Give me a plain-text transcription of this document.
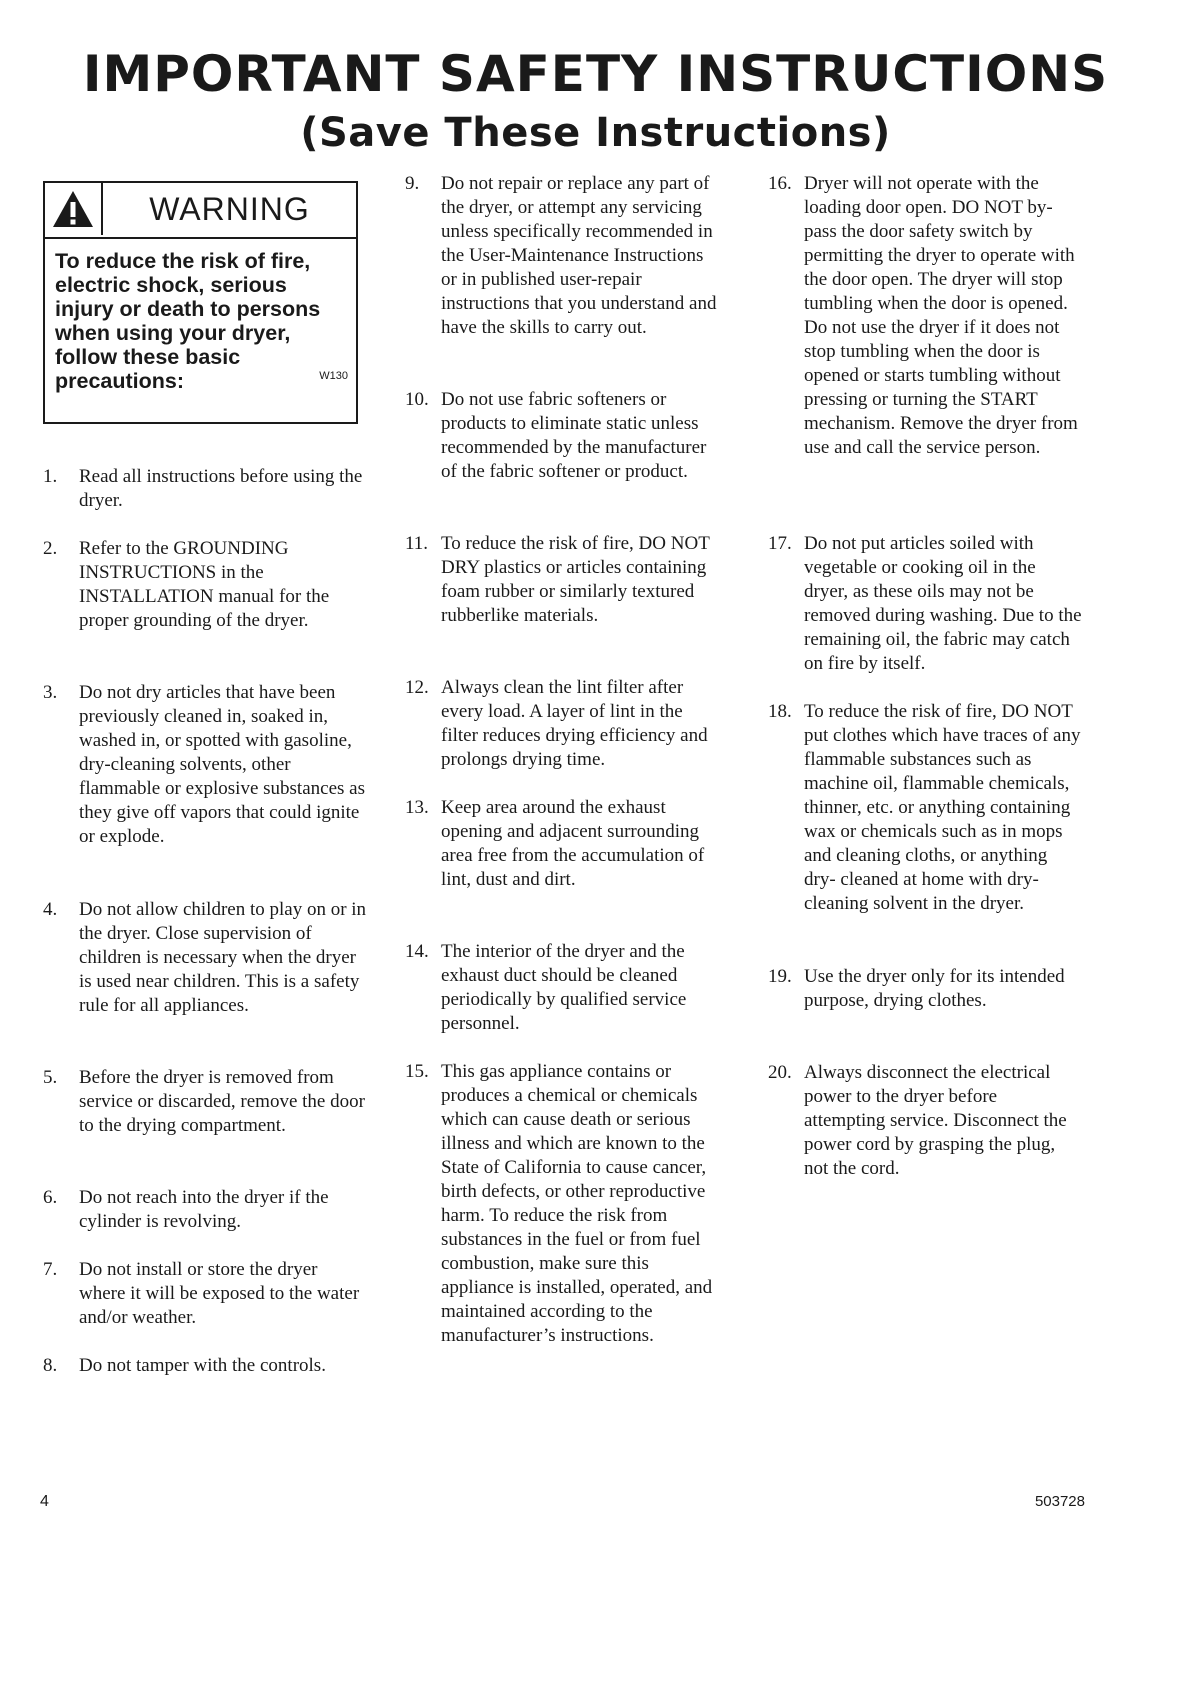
IMPORTANT SAFETY INSTRUCTIONS
(Save These Instructions)
WARNING

To reduce the risk of fire, electric shock, serious injury or death to persons when using your dryer, follow these basic precautions:	W130
1. Read all instructions before using the dryer.
2. Refer to the GROUNDING INSTRUCTIONS in the INSTALLATION manual for the proper grounding of the dryer.
3. Do not dry articles that have been previously cleaned in, soaked in, washed in, or spotted with gasoline, dry-cleaning solvents, other flammable or explosive substances as they give off vapors that could ignite or explode.
4. Do not allow children to play on or in the dryer. Close supervision of children is necessary when the dryer is used near children. This is a safety rule for all appliances.
5. Before the dryer is removed from service or discarded, remove the door to the drying compartment.
6. Do not reach into the dryer if the cylinder is revolving.
7. Do not install or store the dryer where it will be exposed to the water and/or weather.
8. Do not tamper with the controls.
9. Do not repair or replace any part of the dryer, or attempt any servicing unless specifically recommended in the User-Maintenance Instructions or in published user-repair instructions that you understand and have the skills to carry out.
10. Do not use fabric softeners or products to eliminate static unless recommended by the manufacturer of the fabric softener or product.
11. To reduce the risk of fire, DO NOT DRY plastics or articles containing foam rubber or similarly textured rubberlike materials.
12. Always clean the lint filter after every load. A layer of lint in the filter reduces drying efficiency and prolongs drying time.
13. Keep area around the exhaust opening and adjacent surrounding area free from the accumulation of lint, dust and dirt.
14. The interior of the dryer and the exhaust duct should be cleaned periodically by qualified service personnel.
15. This gas appliance contains or produces a chemical or chemicals which can cause death or serious illness and which are known to the State of California to cause cancer, birth defects, or other reproductive harm. To reduce the risk from substances in the fuel or from fuel combustion, make sure this appliance is installed, operated, and maintained according to the manufacturer’s instructions.
16. Dryer will not operate with the loading door open. DO NOT by-pass the door safety switch by permitting the dryer to operate with the door open. The dryer will stop tumbling when the door is opened. Do not use the dryer if it does not stop tumbling when the door is opened or starts tumbling without pressing or turning the START mechanism. Remove the dryer from use and call the service person.
17. Do not put articles soiled with vegetable or cooking oil in the dryer, as these oils may not be removed during washing. Due to the remaining oil, the fabric may catch on fire by itself.
18. To reduce the risk of fire, DO NOT put clothes which have traces of any flammable substances such as machine oil, flammable chemicals, thinner, etc. or anything containing wax or chemicals such as in mops and cleaning cloths, or anything dry- cleaned at home with dry-cleaning solvent in the dryer.
19. Use the dryer only for its intended purpose, drying clothes.
20. Always disconnect the electrical power to the dryer before attempting service. Disconnect the power cord by grasping the plug, not the cord.
4	503728
